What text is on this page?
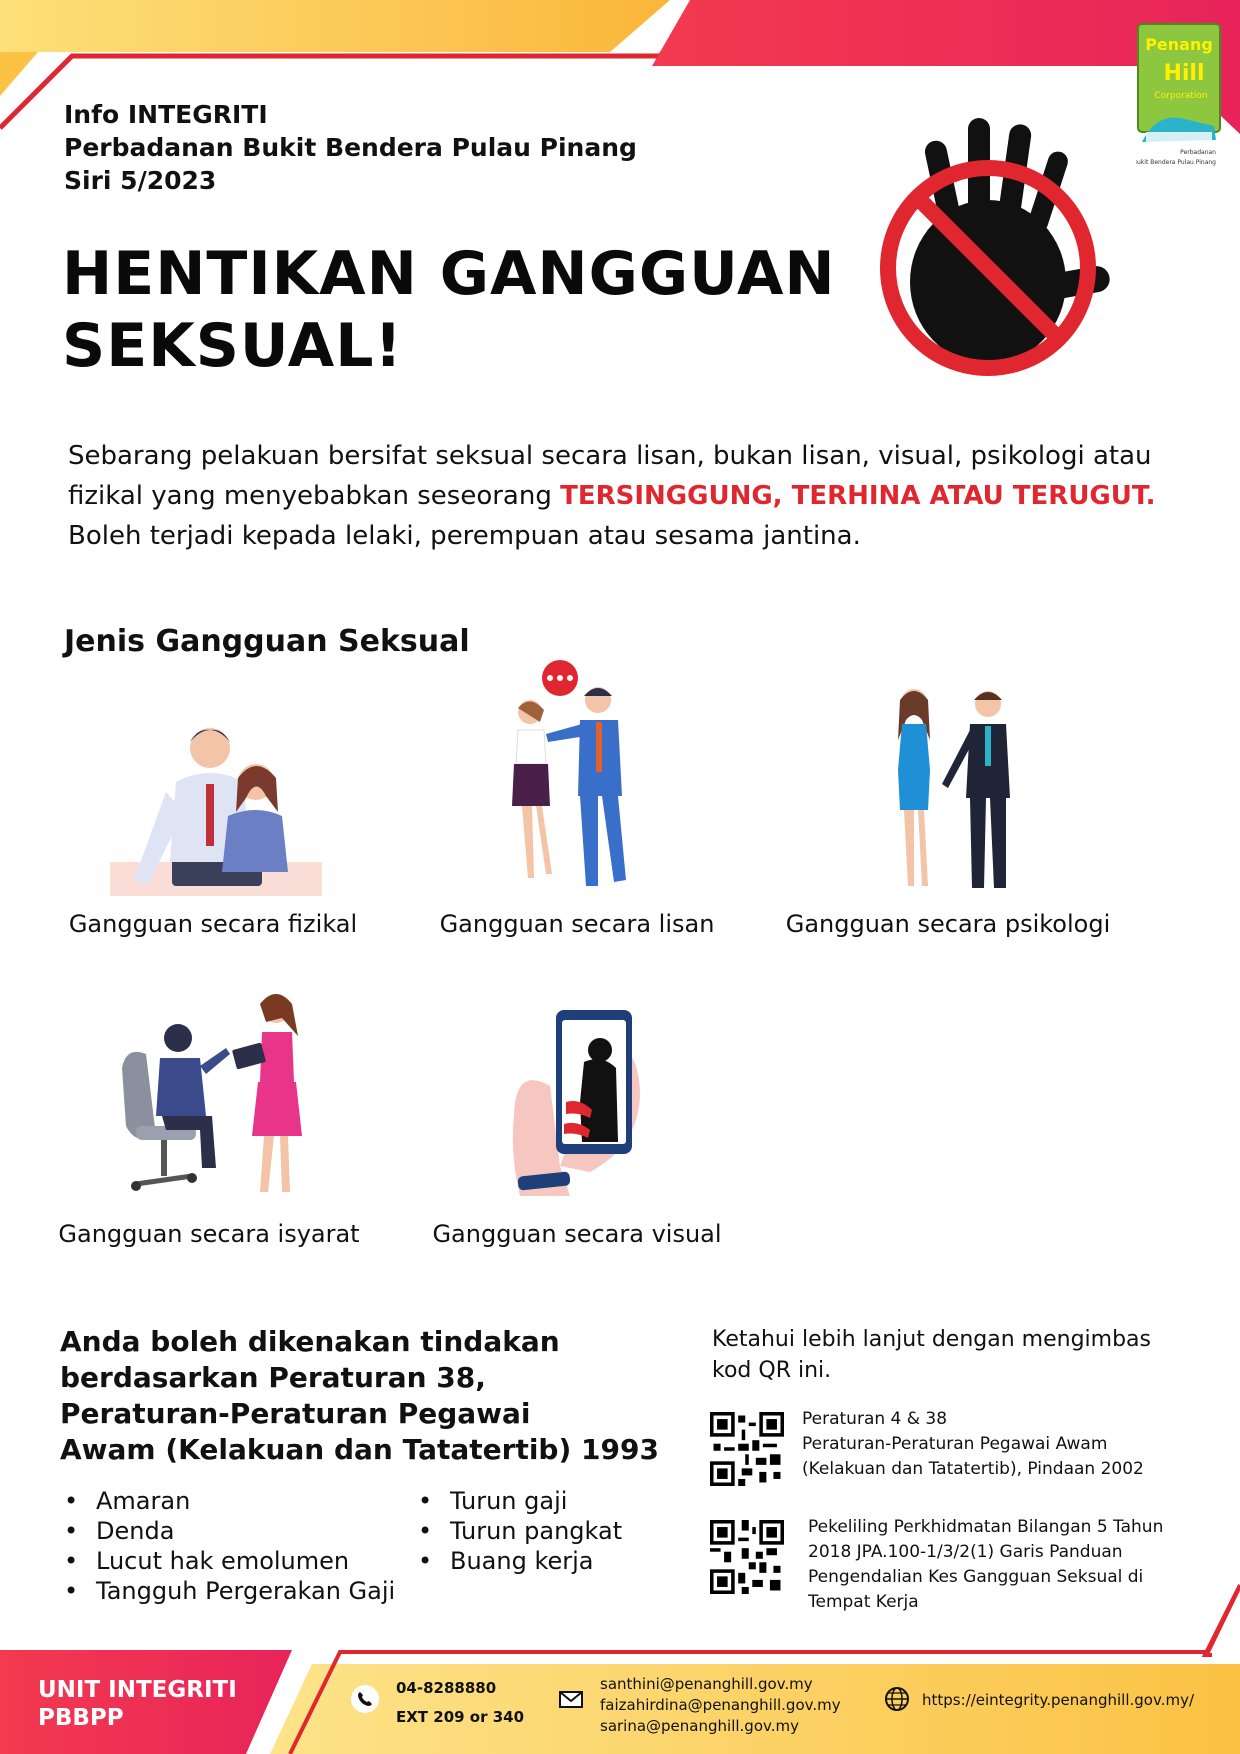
Penang
Hill
Corporation
Perbadanan
Bukit Bendera Pulau Pinang
Info INTEGRITI
Perbadanan Bukit Bendera Pulau Pinang
Siri 5/2023
HENTIKAN GANGGUAN
SEKSUAL!
Sebarang pelakuan bersifat seksual secara lisan, bukan lisan, visual, psikologi atau fizikal yang menyebabkan seseorang TERSINGGUNG, TERHINA ATAU TERUGUT.
Boleh terjadi kepada lelaki, perempuan atau sesama jantina.
Jenis Gangguan Seksual
Gangguan secara fizikal	Gangguan secara lisan	Gangguan secara psikologi
Gangguan secara isyarat	Gangguan secara visual
Anda boleh dikenakan tindakan
berdasarkan Peraturan 38,
Peraturan-Peraturan Pegawai
Awam (Kelakuan dan Tatatertib) 1993
• Amaran
• Denda
• Lucut hak emolumen
• Tangguh Pergerakan Gaji
• Turun gaji
• Turun pangkat
• Buang kerja
Ketahui lebih lanjut dengan mengimbas kod QR ini.
Peraturan 4 & 38
Peraturan-Peraturan Pegawai Awam
(Kelakuan dan Tatatertib), Pindaan 2002
Pekeliling Perkhidmatan Bilangan 5 Tahun
2018 JPA.100-1/3/2(1) Garis Panduan
Pengendalian Kes Gangguan Seksual di
Tempat Kerja
UNIT INTEGRITI
PBBPP
04-8288880
EXT 209 or 340
santhini@penanghill.gov.my
faizahirdina@penanghill.gov.my
sarina@penanghill.gov.my
https://eintegrity.penanghill.gov.my/
